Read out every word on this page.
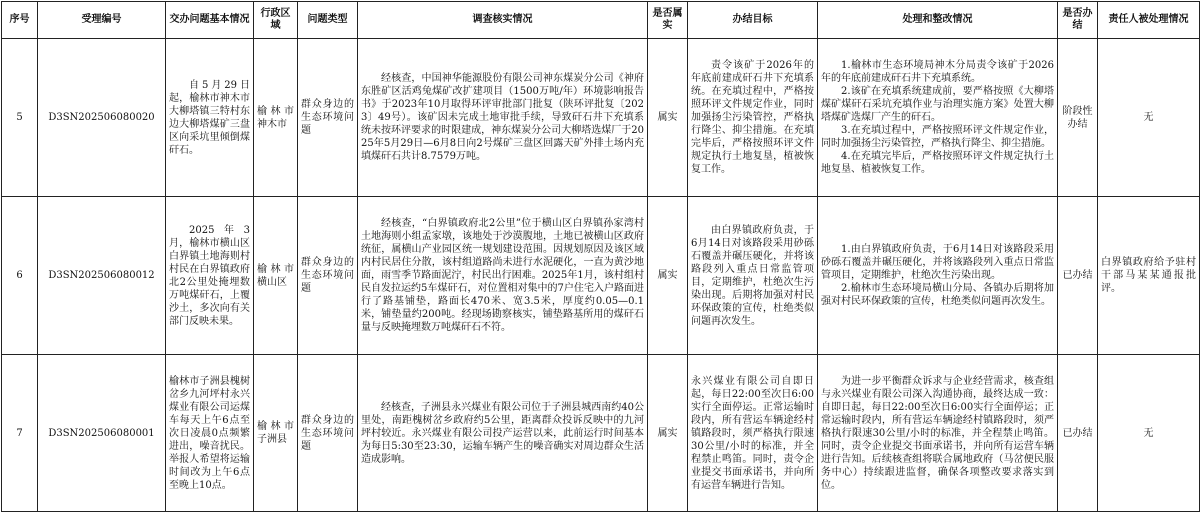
序号	受理编号	交办问题基本情况	行政区域	问题类型	调查核实情况	是否属实	办结目标	处理和整改情况	是否办结	责任人被处理情况
5	D3SN202506080020	自5月29日起，榆林市神木市大柳塔镇三特村东边大柳塔煤矿三盘区向采坑里倾倒煤矸石。	榆林市神木市	群众身边的生态环境问题	经核查，中国神华能源股份有限公司神东煤炭分公司《神府东胜矿区活鸡兔煤矿改扩建项目（1500万吨/年）环境影响报告书》于2023年10月取得环评审批部门批复（陕环评批复〔2023〕49号）。该矿因未完成土地审批手续，导致矸石井下充填系统未按环评要求的时限建成，神东煤炭分公司大柳塔选煤厂于2025年5月29日—6月8日向2号煤矿三盘区回露天矿外排土场内充填煤矸石共计8.7579万吨。	属实	责令该矿于2026年的年底前建成矸石井下充填系统。在充填过程中，严格按照环评文件规定作业，同时加强扬尘污染管控，严格执行降尘、抑尘措施。在充填完毕后，严格按照环评文件规定执行土地复垦，植被恢复工作。	1.榆林市生态环境局神木分局责令该矿于2026年的年底前建成矸石井下充填系统。
2.该矿在充填系统建成前，要严格按照《大柳塔煤矿煤矸石采坑充填作业与治理实施方案》处置大柳塔煤矿选煤厂产生的矸石。
3.在充填过程中，严格按照环评文件规定作业，同时加强扬尘污染管控，严格执行降尘、抑尘措施。
4.在充填完毕后，严格按照环评文件规定执行土地复垦、植被恢复工作。	阶段性办结	无
6	D3SN202506080012	2025年3月，榆林市横山区白界镇土地海则村村民在白界镇政府北2公里处掩埋数万吨煤矸石，上覆沙土，多次向有关部门反映未果。	榆林市横山区	群众身边的生态环境问题	经核查，“白界镇政府北2公里”位于横山区白界镇孙家湾村土地海则小组孟家墩，该地处于沙漠腹地，土地已被横山区政府统征，属横山产业园区统一规划建设范围。因规划原因及该区域内村民居住分散，该村组道路尚未进行水泥硬化，一直为黄沙地面，雨雪季节路面泥泞，村民出行困难。2025年1月，该村组村民自发拉运约5车煤矸石，对位置相对集中的7户住宅入户路面进行了路基铺垫，路面长470米、宽3.5米，厚度约0.05—0.1米，铺垫量约200吨。经现场勘察核实，铺垫路基所用的煤矸石量与反映掩埋数万吨煤矸石不符。	属实	由白界镇政府负责，于6月14日对该路段采用砂砾石覆盖并碾压硬化，并将该路段列入重点日常监管项目，定期维护，杜绝次生污染出现。后期将加强对村民环保政策的宣传，杜绝类似问题再次发生。	1.由白界镇政府负责，于6月14日对该路段采用砂砾石覆盖并碾压硬化，并将该路段列入重点日常监管项目，定期维护，杜绝次生污染出现。
2.榆林市生态环境局横山分局、各镇办后期将加强对村民环保政策的宣传，杜绝类似问题再次发生。	已办结	白界镇政府给予驻村干部马某某通报批评。
7	D3SN202506080001	榆林市子洲县槐树岔乡九河坪村永兴煤业有限公司运煤车每天上午6点至次日凌晨0点频繁进出，噪音扰民。举报人希望将运输时间改为上午6点至晚上10点。	榆林市子洲县	群众身边的生态环境问题	经核查，子洲县永兴煤业有限公司位于子洲县城西南约40公里处，南距槐树岔乡政府约5公里，距离群众投诉反映中的九河坪村较近。永兴煤业有限公司投产运营以来，此前运行时间基本为每日5:30至23:30，运输车辆产生的噪音确实对周边群众生活造成影响。	属实	永兴煤业有限公司自即日起，每日22:00至次日6:00实行全面停运。正常运输时段内，所有营运车辆途经村镇路段时，须严格执行限速30公里/小时的标准，并全程禁止鸣笛。同时，责令企业提交书面承诺书，并向所有运营车辆进行告知。	为进一步平衡群众诉求与企业经营需求，核查组与永兴煤业有限公司深入沟通协商，最终达成一致：自即日起，每日22:00至次日6:00实行全面停运；正常运输时段内，所有营运车辆途经村镇路段时，须严格执行限速30公里/小时的标准，并全程禁止鸣笛。同时，责令企业提交书面承诺书，并向所有运营车辆进行告知。后续核查组将联合属地政府（马岔便民服务中心）持续跟进监督，确保各项整改要求落实到位。	已办结	无
